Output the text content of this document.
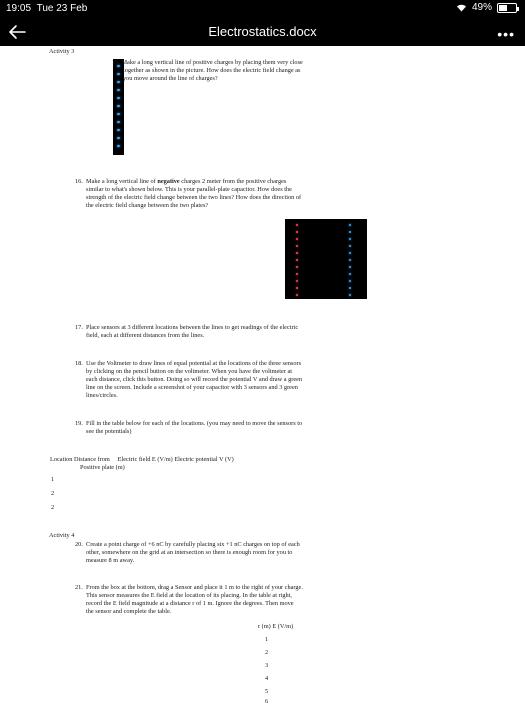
19:05 Tue 23 Feb	49%
Electrostatics.docx	•••
Activity 3
15. Make a long vertical line of positive charges by placing them very close
together as shown in the picture. How does the electric field change as
you move around the line of charges?
16. Make a long vertical line of negative charges 2 meter from the positive charges
similar to what's shown below. This is your parallel-plate capacitor. How does the
strength of the electric field change between the two lines? How does the direction of
the electric field change between the two plates?
17. Place sensors at 3 different locations between the lines to get readings of the electric
field, each at different distances from the lines.
18. Use the Voltmeter to draw lines of equal potential at the locations of the three sensors
by clicking on the pencil button on the voltmeter. When you have the voltmeter at
each distance, click this button. Doing so will record the potential V and draw a green
line on the screen. Include a screenshot of your capacitor with 3 sensors and 3 green
lines/circles.
19. Fill in the table below for each of the locations. (you may need to move the sensors to
see the potentials)
Location Distance from     Electric field E (V/m) Electric potential V (V)
Positive plate (m)
1
2
2
Activity 4
20. Create a point charge of +6 nC by carefully placing six +1 nC charges on top of each
other, somewhere on the grid at an intersection so there is enough room for you to
measure 8 m away.
21. From the box at the bottom, drag a Sensor and place it 1 m to the right of your charge.
This sensor measures the E field at the location of its placing. In the table at right,
record the E field magnitude at a distance r of 1 m. Ignore the degrees. Then move
the sensor and complete the table.
r (m) E (V/m)
1
2
3
4
5
6
